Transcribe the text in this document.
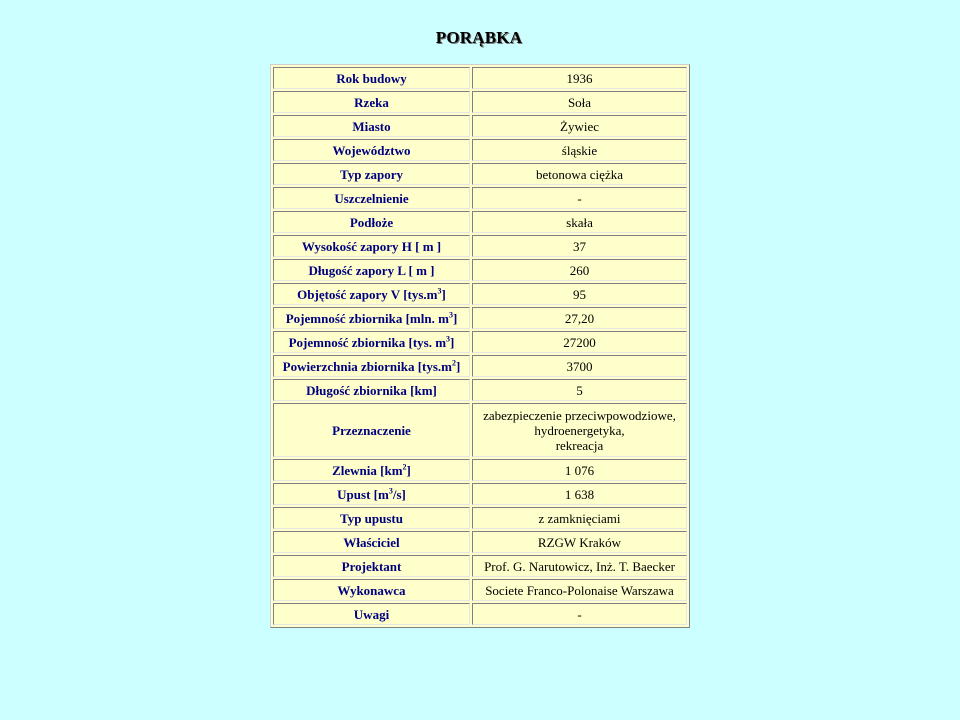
PORĄBKA
Rok budowy	1936
Rzeka	Soła
Miasto	Żywiec
Województwo	śląskie
Typ zapory	betonowa ciężka
Uszczelnienie	-
Podłoże	skała
Wysokość zapory H [ m ]	37
Długość zapory L [ m ]	260
Objętość zapory V $[tys.m^3]$	95
Pojemność zbiornika [mln. $m^3$]	27,20
Pojemność zbiornika [tys. $m^3$]	27200
Powierzchnia zbiornika $[tys.m^2]$	3700
Długość zbiornika [km]	5
Przeznaczenie	zabezpieczenie przeciwpowodziowe,
hydroenergetyka,
rekreacja

Zlewnia $[km^2]$	1 076
Upust $[m^3/s]$	1 638
Typ upustu	z zamknięciami
Właściciel	RZGW Kraków
Projektant	Prof. G. Narutowicz, Inż. T. Baecker
Wykonawca	Societe Franco-Polonaise Warszawa
Uwagi	-
